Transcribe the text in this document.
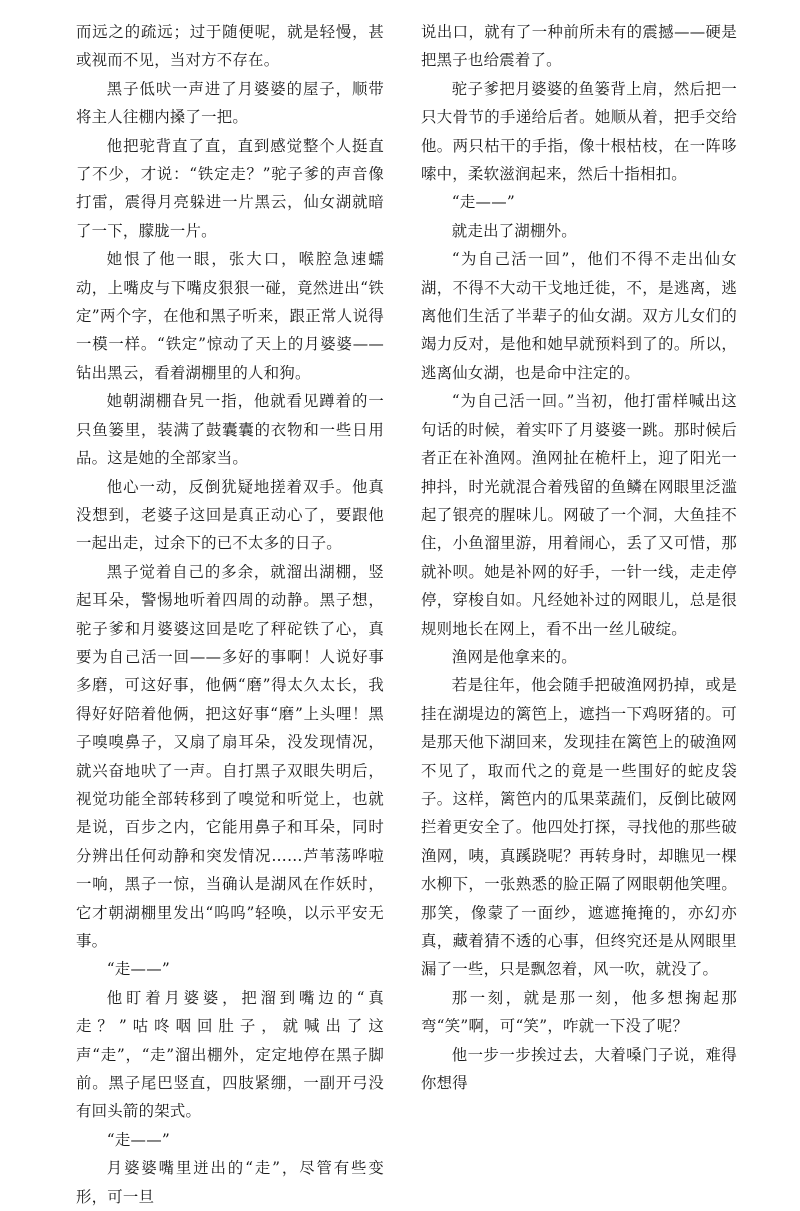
而远之的疏远；过于随便呢，就是轻慢，甚或视而不见，当对方不存在。

黑子低吠一声进了月婆婆的屋子，顺带将主人往棚内搡了一把。

他把驼背直了直，直到感觉整个人挺直了不少，才说：“铁定走？”驼子爹的声音像打雷，震得月亮躲进一片黑云，仙女湖就暗了一下，朦胧一片。

她恨了他一眼，张大口，喉腔急速蠕动，上嘴皮与下嘴皮狠狠一碰，竟然进出“铁定”两个字，在他和黑子听来，跟正常人说得一模一样。“铁定”惊动了天上的月婆婆——钻出黑云，看着湖棚里的人和狗。

她朝湖棚旮旯一指，他就看见蹲着的一只鱼篓里，装满了鼓囊囊的衣物和一些日用品。这是她的全部家当。

他心一动，反倒犹疑地搓着双手。他真没想到，老婆子这回是真正动心了，要跟他一起出走，过余下的已不太多的日子。

黑子觉着自己的多余，就溜出湖棚，竖起耳朵，警惕地听着四周的动静。黑子想，驼子爹和月婆婆这回是吃了秤砣铁了心，真要为自己活一回——多好的事啊！人说好事多磨，可这好事，他俩“磨”得太久太长，我得好好陪着他俩，把这好事“磨”上头哩！黑子嗅嗅鼻子，又扇了扇耳朵，没发现情况，就兴奋地吠了一声。自打黑子双眼失明后，视觉功能全部转移到了嗅觉和听觉上，也就是说，百步之内，它能用鼻子和耳朵，同时分辨出任何动静和突发情况……芦苇荡哗啦一响，黑子一惊，当确认是湖风在作妖时，它才朝湖棚里发出“呜呜”轻唤，以示平安无事。

“走——”

他盯着月婆婆，把溜到嘴边的“真走？”咕咚咽回肚子，就喊出了这声“走”，“走”溜出棚外，定定地停在黑子脚前。黑子尾巴竖直，四肢紧绷，一副开弓没有回头箭的架式。

“走——”

月婆婆嘴里迸出的“走”，尽管有些变形，可一旦

说出口，就有了一种前所未有的震撼——硬是把黑子也给震着了。

驼子爹把月婆婆的鱼篓背上肩，然后把一只大骨节的手递给后者。她顺从着，把手交给他。两只枯干的手指，像十根枯枝，在一阵哆嗦中，柔软滋润起来，然后十指相扣。

“走——”

就走出了湖棚外。

“为自己活一回”，他们不得不走出仙女湖，不得不大动干戈地迁徙，不，是逃离，逃离他们生活了半辈子的仙女湖。双方儿女们的竭力反对，是他和她早就预料到了的。所以，逃离仙女湖，也是命中注定的。

“为自己活一回。”当初，他打雷样喊出这句话的时候，着实吓了月婆婆一跳。那时候后者正在补渔网。渔网扯在桅杆上，迎了阳光一抻抖，时光就混合着残留的鱼鳞在网眼里泛滥起了银亮的腥味儿。网破了一个洞，大鱼挂不住，小鱼溜里游，用着闹心，丢了又可惜，那就补呗。她是补网的好手，一针一线，走走停停，穿梭自如。凡经她补过的网眼儿，总是很规则地长在网上，看不出一丝儿破绽。

渔网是他拿来的。

若是往年，他会随手把破渔网扔掉，或是挂在湖堤边的篱笆上，遮挡一下鸡呀猪的。可是那天他下湖回来，发现挂在篱笆上的破渔网不见了，取而代之的竟是一些围好的蛇皮袋子。这样，篱笆内的瓜果菜蔬们，反倒比破网拦着更安全了。他四处打探，寻找他的那些破渔网，咦，真蹊跷呢？再转身时，却瞧见一棵水柳下，一张熟悉的脸正隔了网眼朝他笑哩。那笑，像蒙了一面纱，遮遮掩掩的，亦幻亦真，藏着猜不透的心事，但终究还是从网眼里漏了一些，只是飘忽着，风一吹，就没了。

那一刻，就是那一刻，他多想掬起那弯“笑”啊，可“笑”，咋就一下没了呢？

他一步一步挨过去，大着嗓门子说，难得你想得
